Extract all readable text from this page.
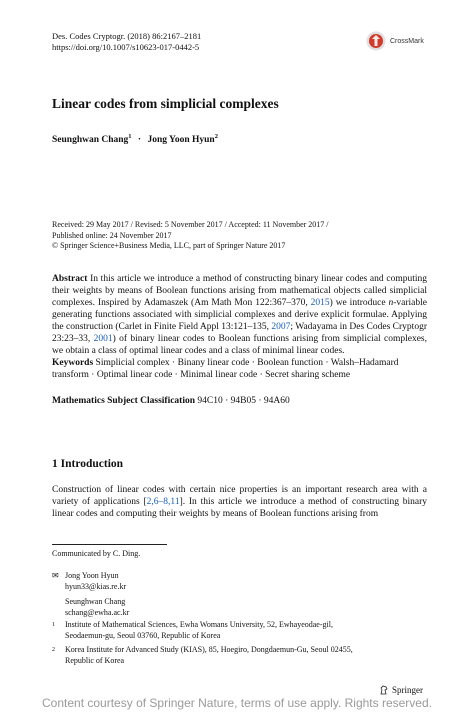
Des. Codes Cryptogr. (2018) 86:2167–2181
https://doi.org/10.1007/s10623-017-0442-5
CrossMark
Linear codes from simplicial complexes
Seunghwan Chang$^1$ · Jong Yoon Hyun$^2$
Received: 29 May 2017 / Revised: 5 November 2017 / Accepted: 11 November 2017 /
Published online: 24 November 2017
© Springer Science+Business Media, LLC, part of Springer Nature 2017
Abstract In this article we introduce a method of constructing binary linear codes and computing their weights by means of Boolean functions arising from mathematical objects called simplicial complexes. Inspired by Adamaszek (Am Math Mon 122:367–370, 2015) we introduce n-variable generating functions associated with simplicial complexes and derive explicit formulae. Applying the construction (Carlet in Finite Field Appl 13:121–135, 2007; Wadayama in Des Codes Cryptogr 23:23–33, 2001) of binary linear codes to Boolean functions arising from simplicial complexes, we obtain a class of optimal linear codes and a class of minimal linear codes.
Keywords Simplicial complex · Binany linear code · Boolean function · Walsh–Hadamard transform · Optimal linear code · Minimal linear code · Secret sharing scheme
Mathematics Subject Classification 94C10 · 94B05 · 94A60
1 Introduction
Construction of linear codes with certain nice properties is an important research area with a variety of applications [2,6–8,11]. In this article we introduce a method of constructing binary linear codes and computing their weights by means of Boolean functions arising from
Communicated by C. Ding.
✉ Jong Yoon Hyun
hyun33@kias.re.kr
Seunghwan Chang
schang@ewha.ac.kr
1 Institute of Mathematical Sciences, Ewha Womans University, 52, Ewhayeodae-gil,
Seodaemun-gu, Seoul 03760, Republic of Korea
2 Korea Institute for Advanced Study (KIAS), 85, Hoegiro, Dongdaemun-Gu, Seoul 02455,
Republic of Korea
Springer
Content courtesy of Springer Nature, terms of use apply. Rights reserved.
